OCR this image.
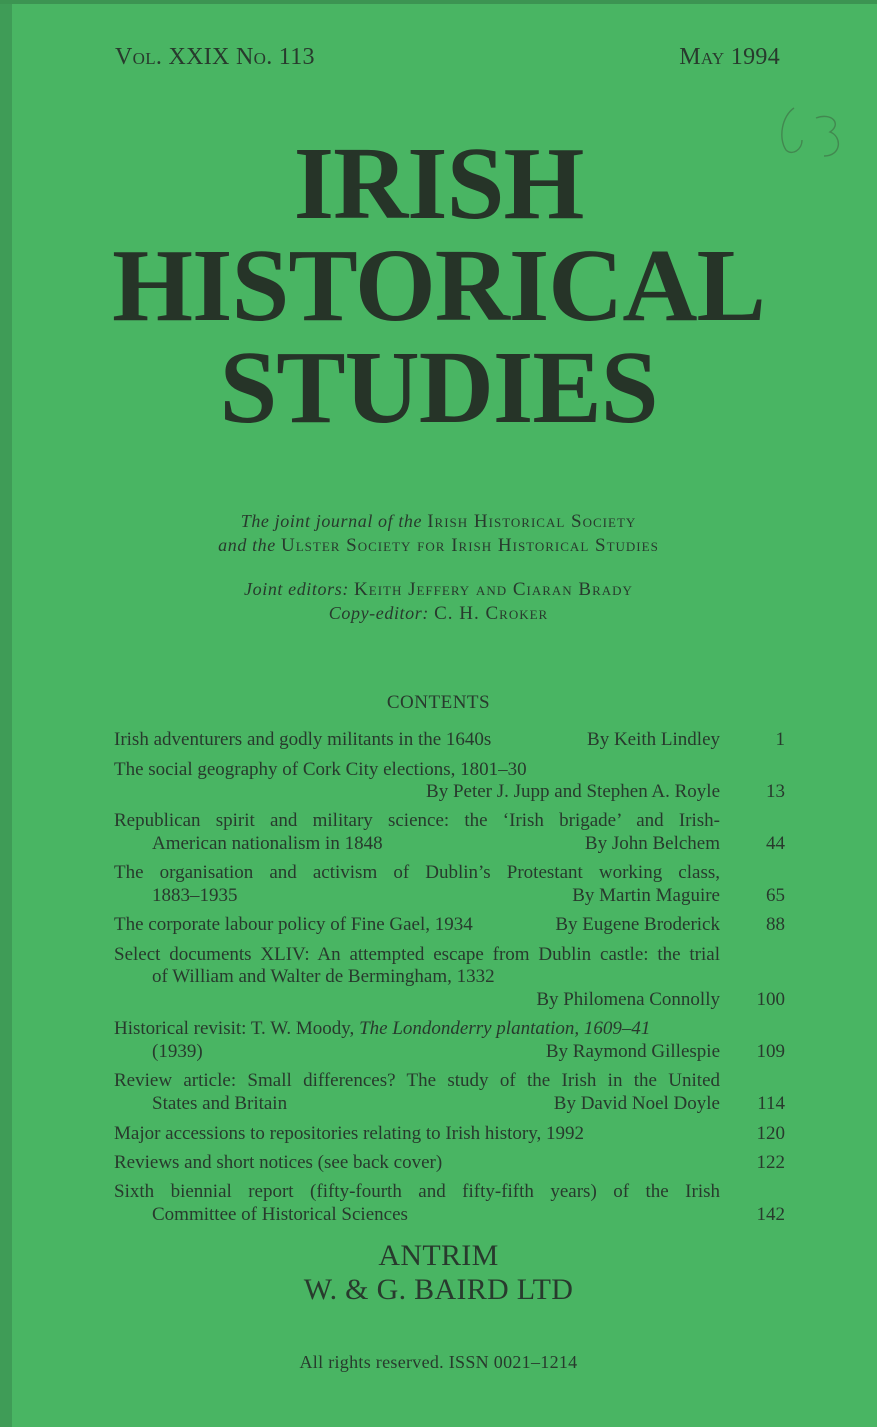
Vol. XXIX No. 113	May 1994
IRISH
HISTORICAL
STUDIES
The joint journal of the Irish Historical Society
and the Ulster Society for Irish Historical Studies
Joint editors: Keith Jeffery and Ciaran Brady
Copy-editor: C. H. Croker
CONTENTS
Irish adventurers and godly militants in the 1640s	By Keith Lindley	1
The social geography of Cork City elections, 1801–30
By Peter J. Jupp and Stephen A. Royle	13
Republican spirit and military science: the ‘Irish brigade’ and Irish-
American nationalism in 1848	By John Belchem	44
The organisation and activism of Dublin’s Protestant working class,
1883–1935	By Martin Maguire	65
The corporate labour policy of Fine Gael, 1934	By Eugene Broderick	88
Select documents XLIV: An attempted escape from Dublin castle: the trial
of William and Walter de Bermingham, 1332
By Philomena Connolly	100
Historical revisit: T. W. Moody, The Londonderry plantation, 1609–41
(1939)	By Raymond Gillespie	109
Review article: Small differences? The study of the Irish in the United
States and Britain	By David Noel Doyle	114
Major accessions to repositories relating to Irish history, 1992	120
Reviews and short notices (see back cover)	122
Sixth biennial report (fifty-fourth and fifty-fifth years) of the Irish
Committee of Historical Sciences	142
ANTRIM
W. & G. BAIRD LTD
All rights reserved. ISSN 0021–1214
